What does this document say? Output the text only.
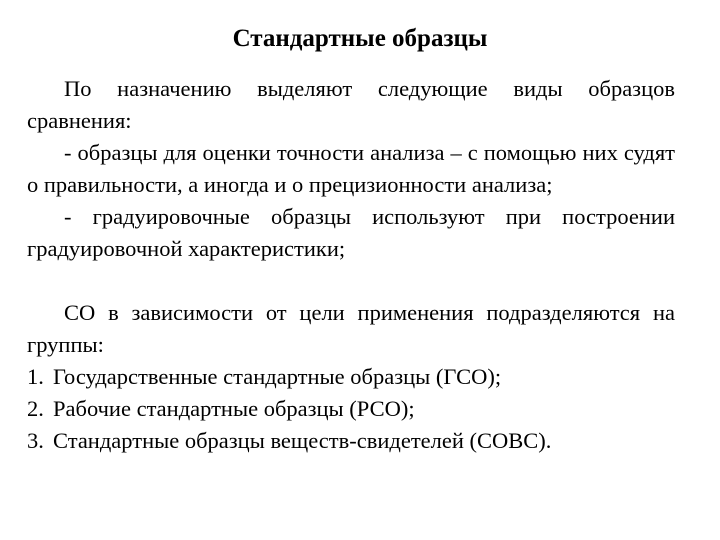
Стандартные образцы

По назначению выделяют следующие виды образцов сравнения:

- образцы для оценки точности анализа – с помощью них судят о правильности, а иногда и о прецизионности анализа;

- градуировочные образцы используют при построении градуировочной характеристики;

СО в зависимости от цели применения подразделяются на группы:

1. Государственные стандартные образцы (ГСО);
2. Рабочие стандартные образцы (РСО);
3. Стандартные образцы веществ-свидетелей (СОВС).
